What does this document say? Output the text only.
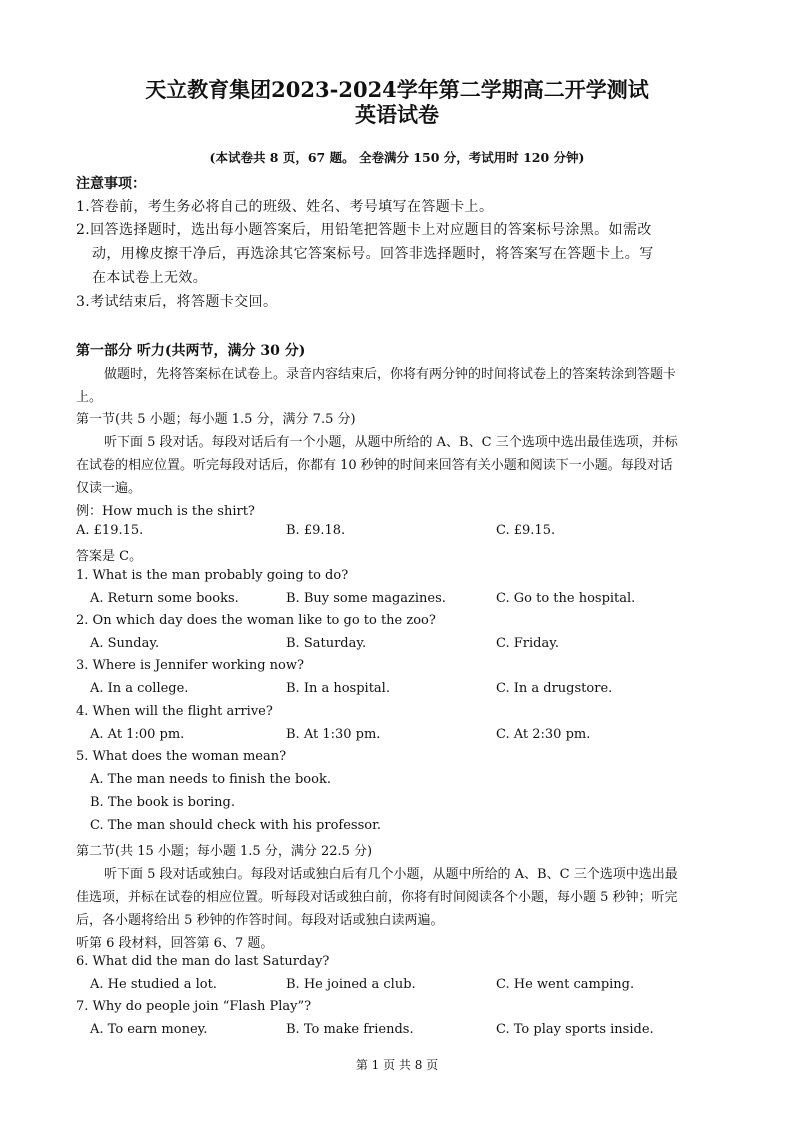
天立教育集团2023-2024学年第二学期高二开学测试
英语试卷
(本试卷共 8 页，67 题。 全卷满分 150 分，考试用时 120 分钟)
注意事项：
1.答卷前，考生务必将自己的班级、姓名、考号填写在答题卡上。
2.回答选择题时，选出每小题答案后，用铅笔把答题卡上对应题目的答案标号涂黑。如需改
动，用橡皮擦干净后，再选涂其它答案标号。回答非选择题时，将答案写在答题卡上。写
在本试卷上无效。
3.考试结束后，将答题卡交回。
第一部分 听力(共两节，满分 30 分)
做题时，先将答案标在试卷上。录音内容结束后，你将有两分钟的时间将试卷上的答案转涂到答题卡
上。
第一节(共 5 小题；每小题 1.5 分，满分 7.5 分)
听下面 5 段对话。每段对话后有一个小题，从题中所给的 A、B、C 三个选项中选出最佳选项，并标
在试卷的相应位置。听完每段对话后，你都有 10 秒钟的时间来回答有关小题和阅读下一小题。每段对话
仅读一遍。
例：How much is the shirt?
A. £19.15.	B. £9.18.	C. £9.15.
答案是 C。
1. What is the man probably going to do?
A. Return some books.	B. Buy some magazines.	C. Go to the hospital.
2. On which day does the woman like to go to the zoo?
A. Sunday.	B. Saturday.	C. Friday.
3. Where is Jennifer working now?
A. In a college.	B. In a hospital.	C. In a drugstore.
4. When will the flight arrive?
A. At 1:00 pm.	B. At 1:30 pm.	C. At 2:30 pm.
5. What does the woman mean?
A. The man needs to finish the book.
B. The book is boring.
C. The man should check with his professor.
第二节(共 15 小题；每小题 1.5 分，满分 22.5 分)
听下面 5 段对话或独白。每段对话或独白后有几个小题，从题中所给的 A、B、C 三个选项中选出最
佳选项，并标在试卷的相应位置。听每段对话或独白前，你将有时间阅读各个小题，每小题 5 秒钟；听完
后，各小题将给出 5 秒钟的作答时间。每段对话或独白读两遍。
听第 6 段材料，回答第 6、7 题。
6. What did the man do last Saturday?
A. He studied a lot.	B. He joined a club.	C. He went camping.
7. Why do people join “Flash Play”?
A. To earn money.	B. To make friends.	C. To play sports inside.
第 1 页 共 8 页
